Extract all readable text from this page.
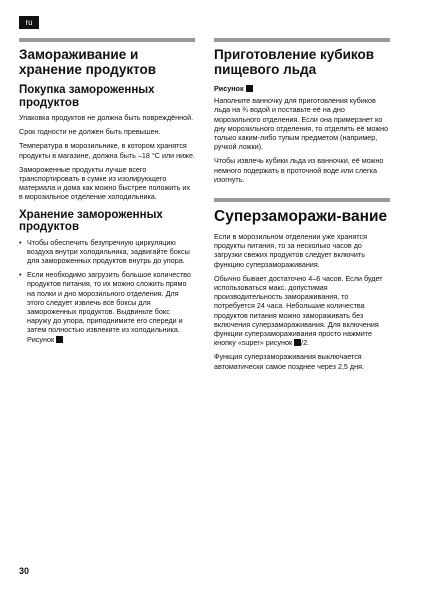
ru
Замораживание и хранение продуктов
Покупка замороженных продуктов

Упаковка продуктов не должна быть повреждённой.

Срок годности не должен быть превышен.

Температура в морозильнике, в котором хранятся продукты в магазине, должна быть –18 °C или ниже.

Замороженные продукты лучше всего транспортировать в сумке из изолирующего материала и дома как можно быстрее положить их в морозильное отделение холодильника.

Хранение замороженных продуктов
• Чтобы обеспечить безупречную циркуляцию воздуха внутри холодильника, задвигайте боксы для замороженных продуктов внутрь до упора.
• Если необходимо загрузить большое количество продуктов питания, то их можно сложить прямо на полки и дно морозильного отделения. Для этого следует извлечь все боксы для замороженных продуктов. Выдвиньте бокс наружу до упора, приподнимите его спереди и затем полностью извлеките из холодильника. Рисунок
Приготовление кубиков пищевого льда

Рисунок

Наполните ванночку для приготовления кубиков льда на ¾ водой и поставьте её на дно морозильного отделения. Если она примерзнет ко дну морозильного отделения, то отделить её можно только каким-либо тупым предметом (например, ручкой ложки).

Чтобы извлечь кубики льда из ванночки, её можно немного подержать в проточной воде или слегка изогнуть.

Суперзаморажи-вание

Если в морозильном отделении уже хранятся продукты питания, то за несколько часов до загрузки свежих продуктов следует включить функцию суперзамораживания.

Обычно бывает достаточно 4–6 часов. Если будет использоваться макс. допустимая производительность замораживания, то потребуется 24 часа. Небольшие количества продуктов питания можно замораживать без включения суперзамораживания. Для включения функции суперзамораживания просто нажмите кнопку «super» рисунок /2.

Функция суперзамораживания выключается автоматически самое позднее через 2,5 дня.

30
